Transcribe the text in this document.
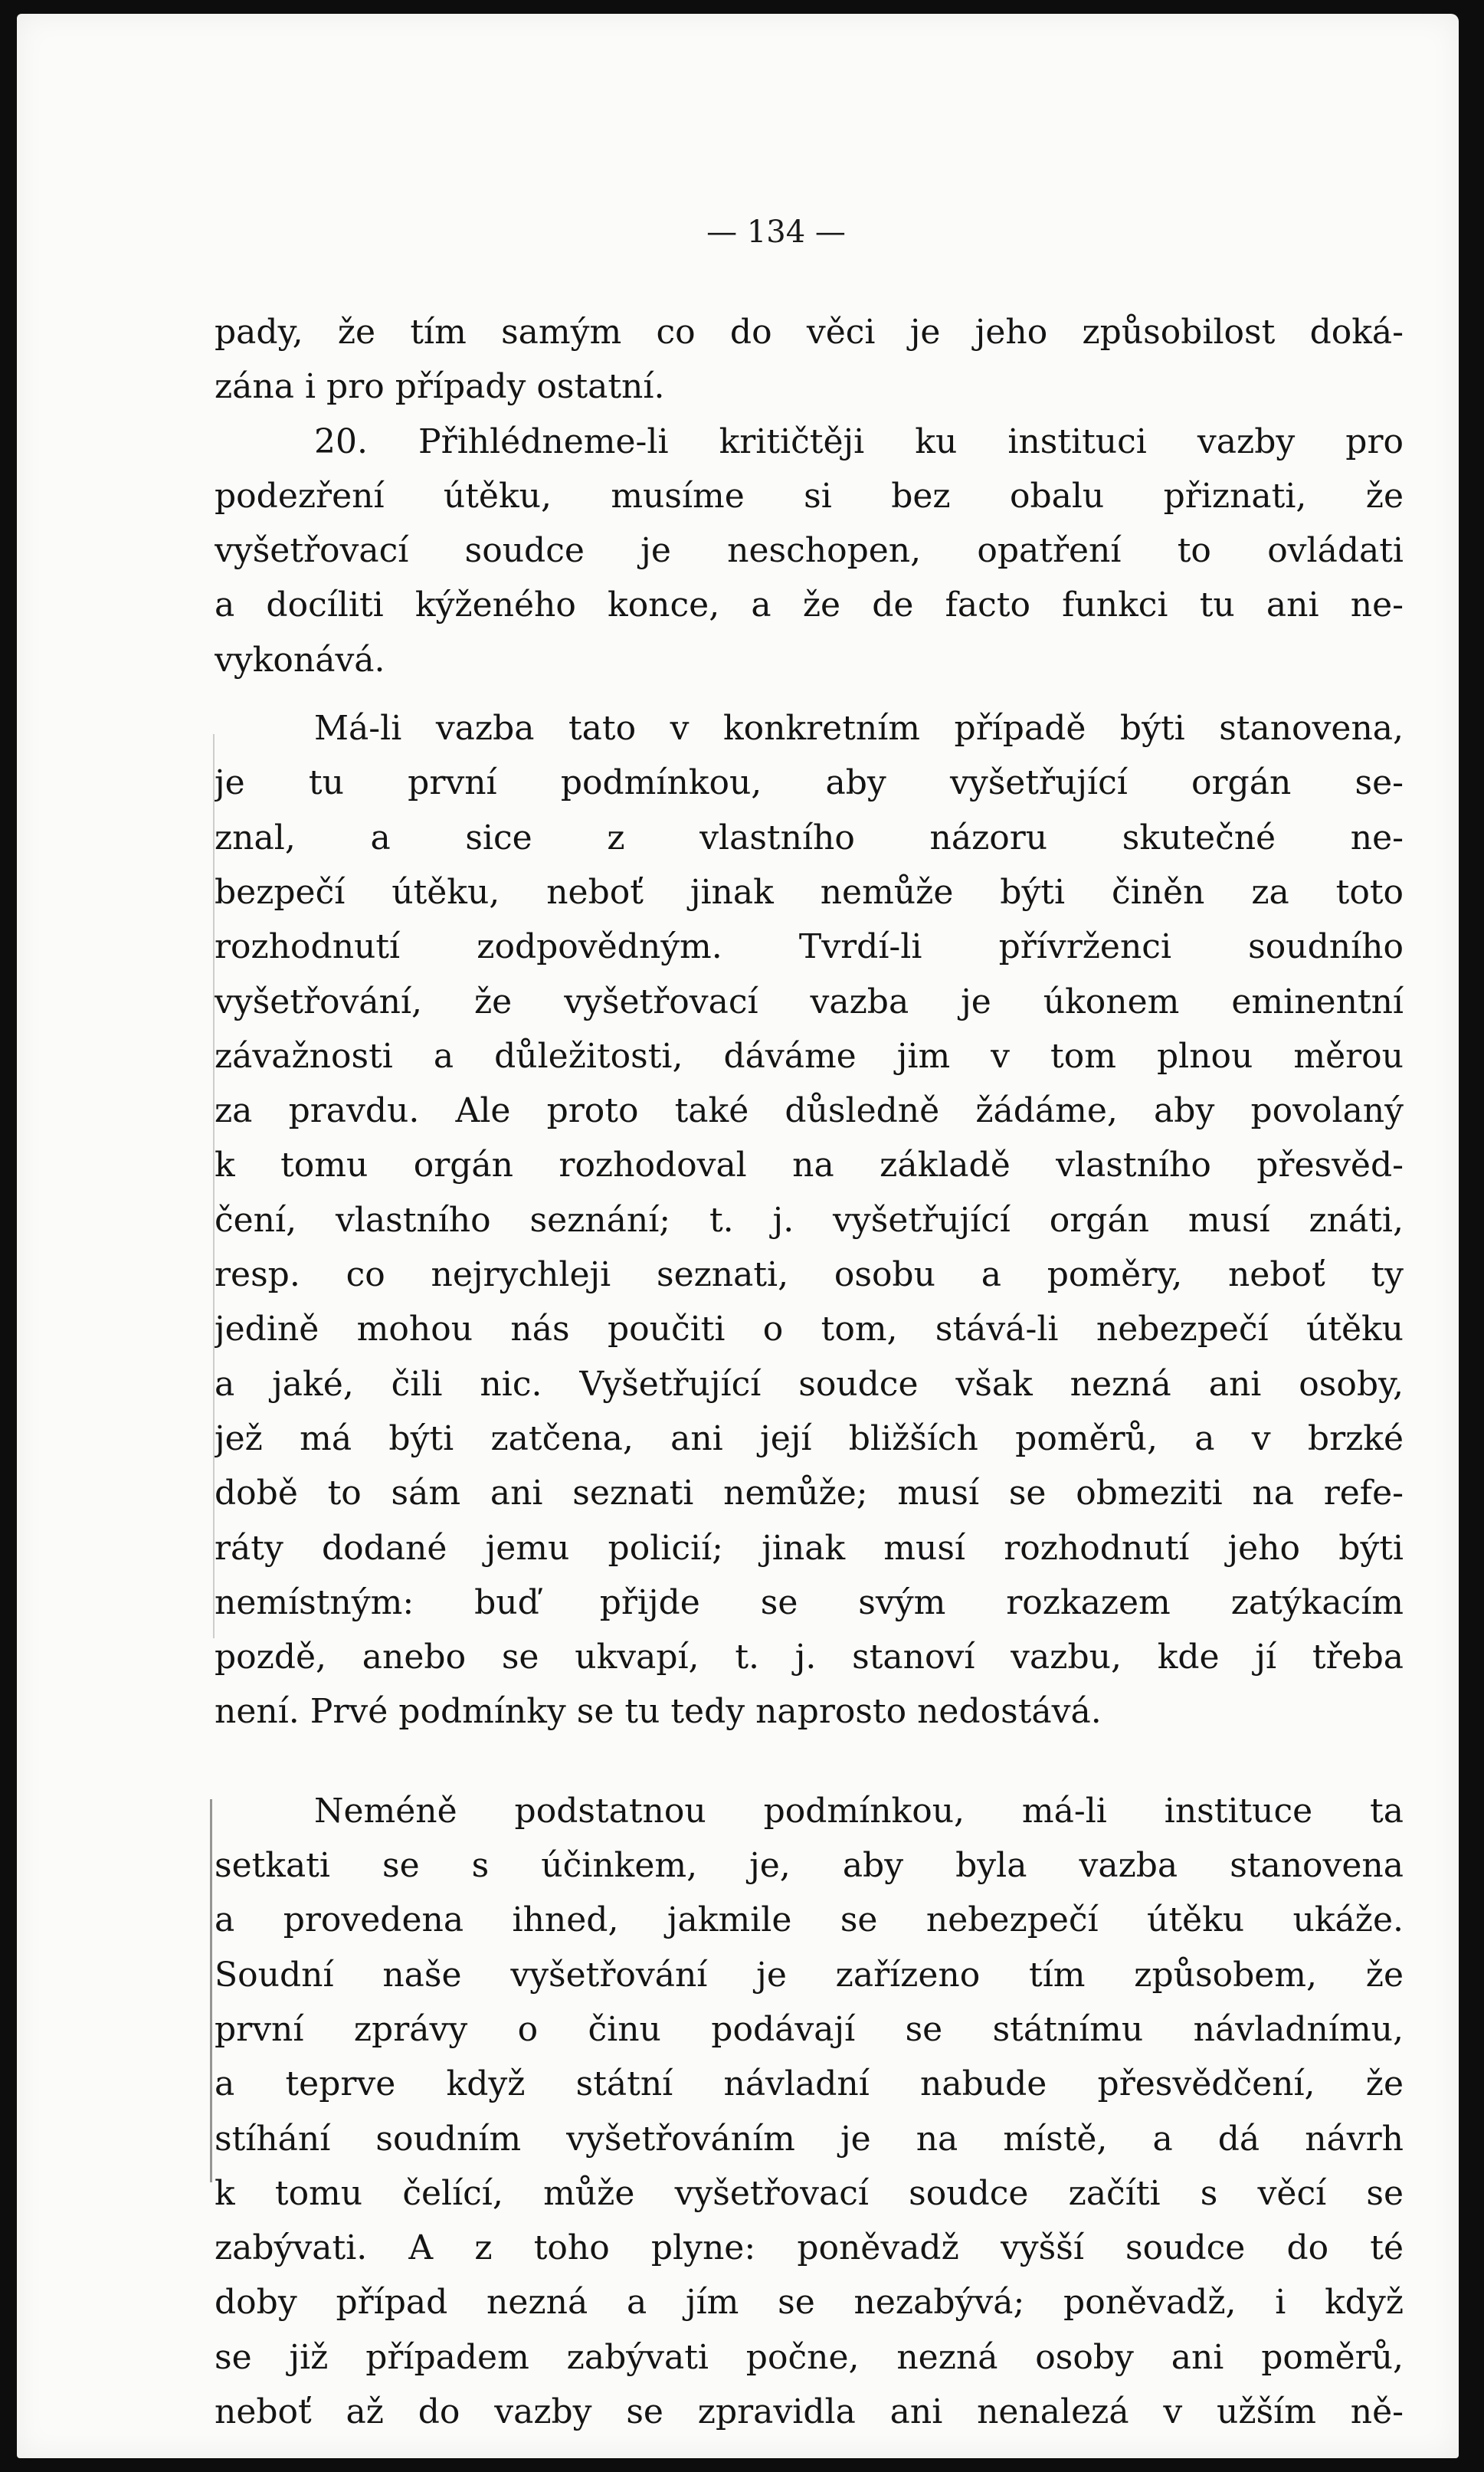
— 134 —

pady, že tím samým co do věci je jeho způsobilost doká-
zána i pro případy ostatní.

20. Přihlédneme-li kritičtěji ku instituci vazby pro
podezření útěku, musíme si bez obalu přiznati, že
vyšetřovací soudce je neschopen, opatření to ovládati
a docíliti kýženého konce, a že de facto funkci tu ani ne-
vykonává.

Má-li vazba tato v konkretním případě býti stanovena,
je tu první podmínkou, aby vyšetřující orgán se-
znal, a sice z vlastního názoru skutečné ne-
bezpečí útěku, neboť jinak nemůže býti činěn za toto
rozhodnutí zodpovědným. Tvrdí-li přívrženci soudního
vyšetřování, že vyšetřovací vazba je úkonem eminentní
závažnosti a důležitosti, dáváme jim v tom plnou měrou
za pravdu. Ale proto také důsledně žádáme, aby povolaný
k tomu orgán rozhodoval na základě vlastního přesvěd-
čení, vlastního seznání; t. j. vyšetřující orgán musí znáti,
resp. co nejrychleji seznati, osobu a poměry, neboť ty
jedině mohou nás poučiti o tom, stává-li nebezpečí útěku
a jaké, čili nic. Vyšetřující soudce však nezná ani osoby,
jež má býti zatčena, ani její bližších poměrů, a v brzké
době to sám ani seznati nemůže; musí se obmeziti na refe-
ráty dodané jemu policií; jinak musí rozhodnutí jeho býti
nemístným: buď přijde se svým rozkazem zatýkacím
pozdě, anebo se ukvapí, t. j. stanoví vazbu, kde jí třeba
není. Prvé podmínky se tu tedy naprosto nedostává.

Neméně podstatnou podmínkou, má-li instituce ta
setkati se s účinkem, je, aby byla vazba stanovena
a provedena ihned, jakmile se nebezpečí útěku ukáže.
Soudní naše vyšetřování je zařízeno tím způsobem, že
první zprávy o činu podávají se státnímu návladnímu,
a teprve když státní návladní nabude přesvědčení, že
stíhání soudním vyšetřováním je na místě, a dá návrh
k tomu čelící, může vyšetřovací soudce začíti s věcí se
zabývati. A z toho plyne: poněvadž vyšší soudce do té
doby případ nezná a jím se nezabývá; poněvadž, i když
se již případem zabývati počne, nezná osoby ani poměrů,
neboť až do vazby se zpravidla ani nenalezá v užším ně-
